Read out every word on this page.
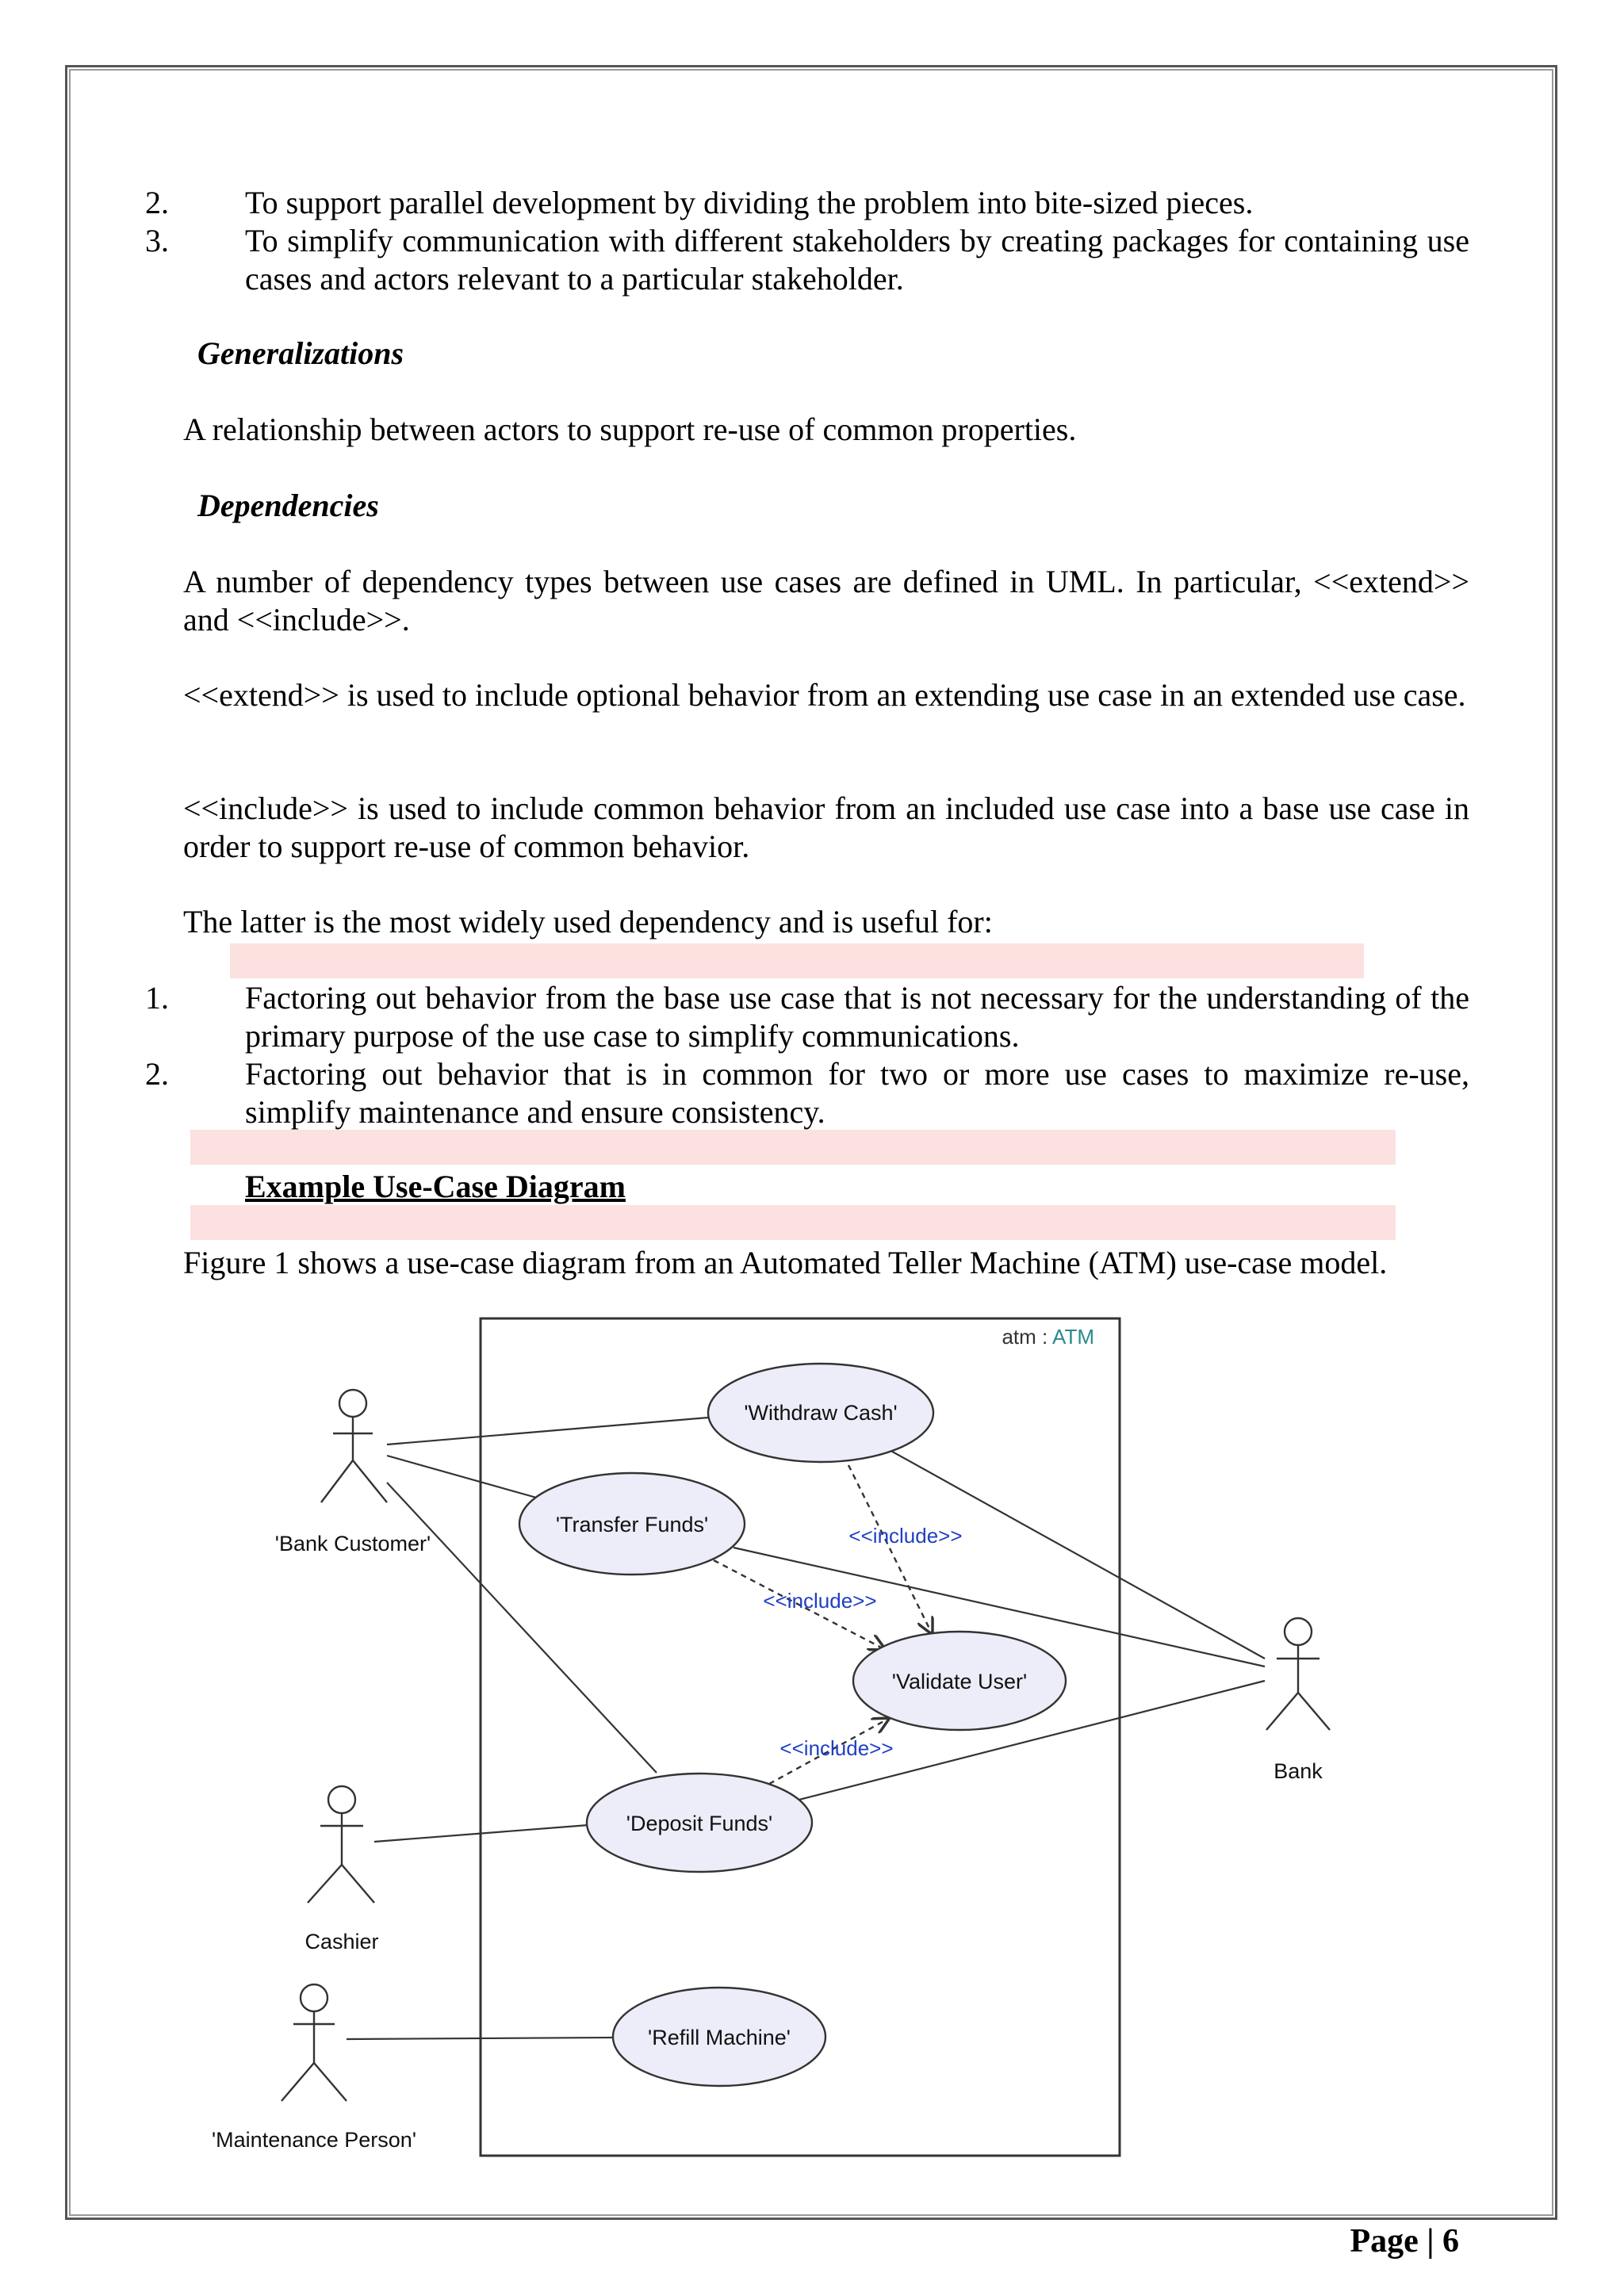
2. To support parallel development by dividing the problem into bite-sized pieces.
3. To simplify communication with different stakeholders by creating packages for containing use cases and actors relevant to a particular stakeholder.
Generalizations
A relationship between actors to support re-use of common properties.
Dependencies
A number of dependency types between use cases are defined in UML. In particular, <<extend>> and <<include>>.
<<extend>> is used to include optional behavior from an extending use case in an extended use case.
<<include>> is used to include common behavior from an included use case into a base use case in order to support re-use of common behavior.
The latter is the most widely used dependency and is useful for:
1. Factoring out behavior from the base use case that is not necessary for the understanding of the primary purpose of the use case to simplify communications.
2. Factoring out behavior that is in common for two or more use cases to maximize re-use, simplify maintenance and ensure consistency.
Example Use-Case Diagram
Figure 1 shows a use-case diagram from an Automated Teller Machine (ATM) use-case model.
atm : ATM
<<include>>
<<include>>
<<include>>
'Withdraw Cash'
'Transfer Funds'
'Validate User'
'Deposit Funds'
'Refill Machine'
'Bank Customer'
Cashier
'Maintenance Person'
Bank
Page | 6
